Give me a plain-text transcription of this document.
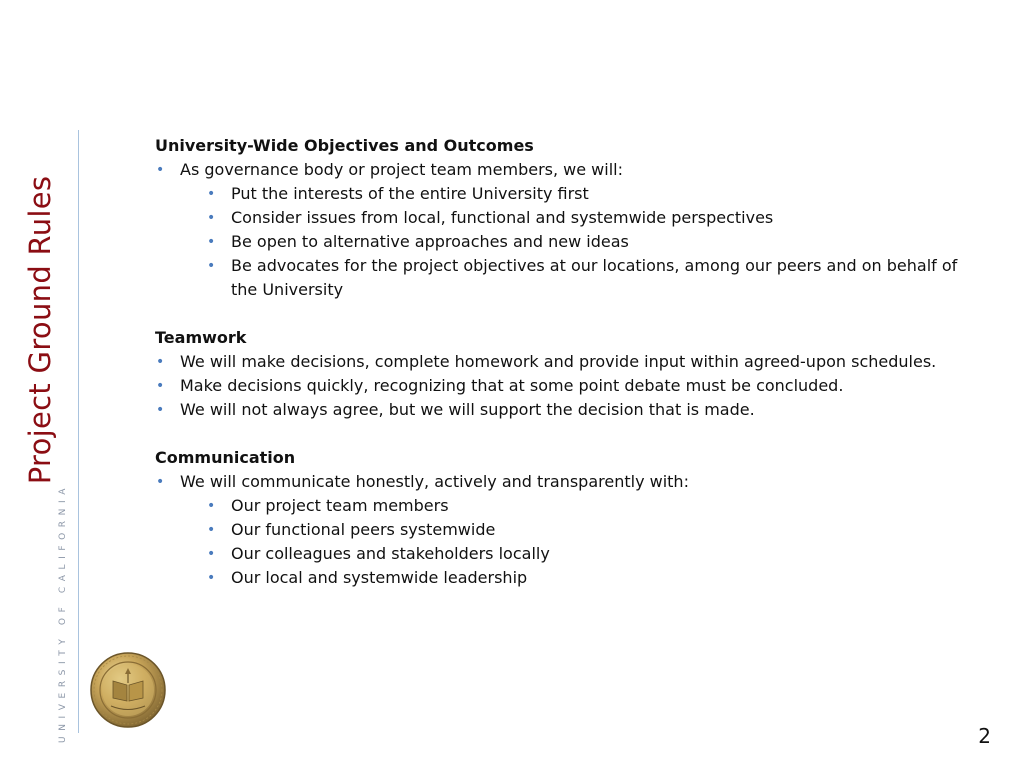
Project Ground Rules
UNIVERSITY OF CALIFORNIA

University-Wide Objectives and Outcomes

• As governance body or project team members, we will:
• Put the interests of the entire University first
• Consider issues from local, functional and systemwide perspectives
• Be open to alternative approaches and new ideas
• Be advocates for the project objectives at our locations, among our peers and on behalf of the University

Teamwork

• We will make decisions, complete homework and provide input within agreed-upon schedules.
• Make decisions quickly, recognizing that at some point debate must be concluded.
• We will not always agree, but we will support the decision that is made.

Communication

• We will communicate honestly, actively and transparently with:
• Our project team members
• Our functional peers systemwide
• Our colleagues and stakeholders locally
• Our local and systemwide leadership
2
